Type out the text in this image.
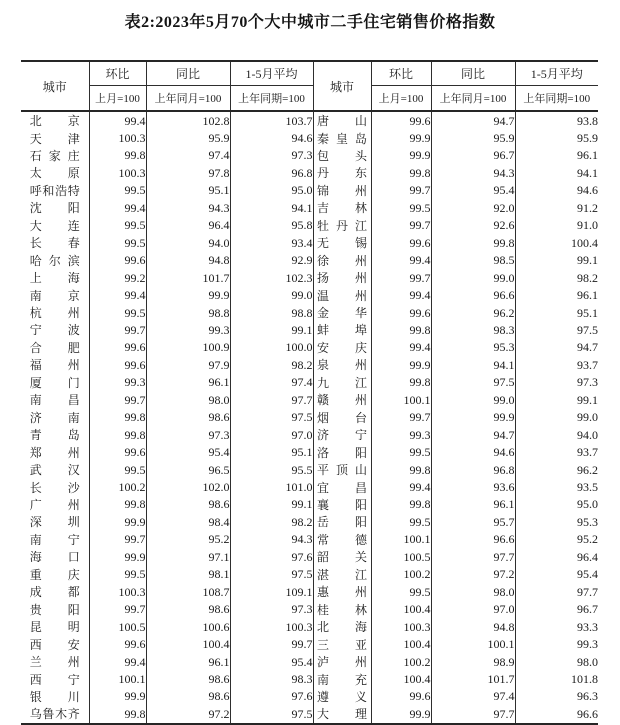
表2:2023年5月70个大中城市二手住宅销售价格指数
城市	环比	同比	1-5月平均	城市	环比	同比	1-5月平均
	上月=100	上年同月=100	上年同期=100		上月=100	上年同月=100	上年同期=100
北京	99.4	102.8	103.7	唐山	99.6	94.7	93.8
天津	100.3	95.9	94.6	秦皇岛	99.9	95.9	95.9
石家庄	99.8	97.4	97.3	包头	99.9	96.7	96.1
太原	100.3	97.8	96.8	丹东	99.8	94.3	94.1
呼和浩特	99.5	95.1	95.0	锦州	99.7	95.4	94.6
沈阳	99.4	94.3	94.1	吉林	99.5	92.0	91.2
大连	99.5	96.4	95.8	牡丹江	99.7	92.6	91.0
长春	99.5	94.0	93.4	无锡	99.6	99.8	100.4
哈尔滨	99.6	94.8	92.9	徐州	99.4	98.5	99.1
上海	99.2	101.7	102.3	扬州	99.7	99.0	98.2
南京	99.4	99.9	99.0	温州	99.4	96.6	96.1
杭州	99.5	98.8	98.8	金华	99.6	96.2	95.1
宁波	99.7	99.3	99.1	蚌埠	99.8	98.3	97.5
合肥	99.6	100.9	100.0	安庆	99.4	95.3	94.7
福州	99.6	97.9	98.2	泉州	99.9	94.1	93.7
厦门	99.3	96.1	97.4	九江	99.8	97.5	97.3
南昌	99.7	98.0	97.7	赣州	100.1	99.0	99.1
济南	99.8	98.6	97.5	烟台	99.7	99.9	99.0
青岛	99.8	97.3	97.0	济宁	99.3	94.7	94.0
郑州	99.6	95.4	95.1	洛阳	99.5	94.6	93.7
武汉	99.5	96.5	95.5	平顶山	99.8	96.8	96.2
长沙	100.2	102.0	101.0	宜昌	99.4	93.6	93.5
广州	99.8	98.6	99.1	襄阳	99.8	96.1	95.0
深圳	99.9	98.4	98.2	岳阳	99.5	95.7	95.3
南宁	99.7	95.2	94.3	常德	100.1	96.6	95.2
海口	99.9	97.1	97.6	韶关	100.5	97.7	96.4
重庆	99.5	98.1	97.5	湛江	100.2	97.2	95.4
成都	100.3	108.7	109.1	惠州	99.5	98.0	97.7
贵阳	99.7	98.6	97.3	桂林	100.4	97.0	96.7
昆明	100.5	100.6	100.3	北海	100.3	94.8	93.3
西安	99.6	100.4	99.7	三亚	100.4	100.1	99.3
兰州	99.4	96.1	95.4	泸州	100.2	98.9	98.0
西宁	100.1	98.6	98.3	南充	100.4	101.7	101.8
银川	99.9	98.6	97.6	遵义	99.6	97.4	96.3
乌鲁木齐	99.8	97.2	97.5	大理	99.9	97.7	96.6
